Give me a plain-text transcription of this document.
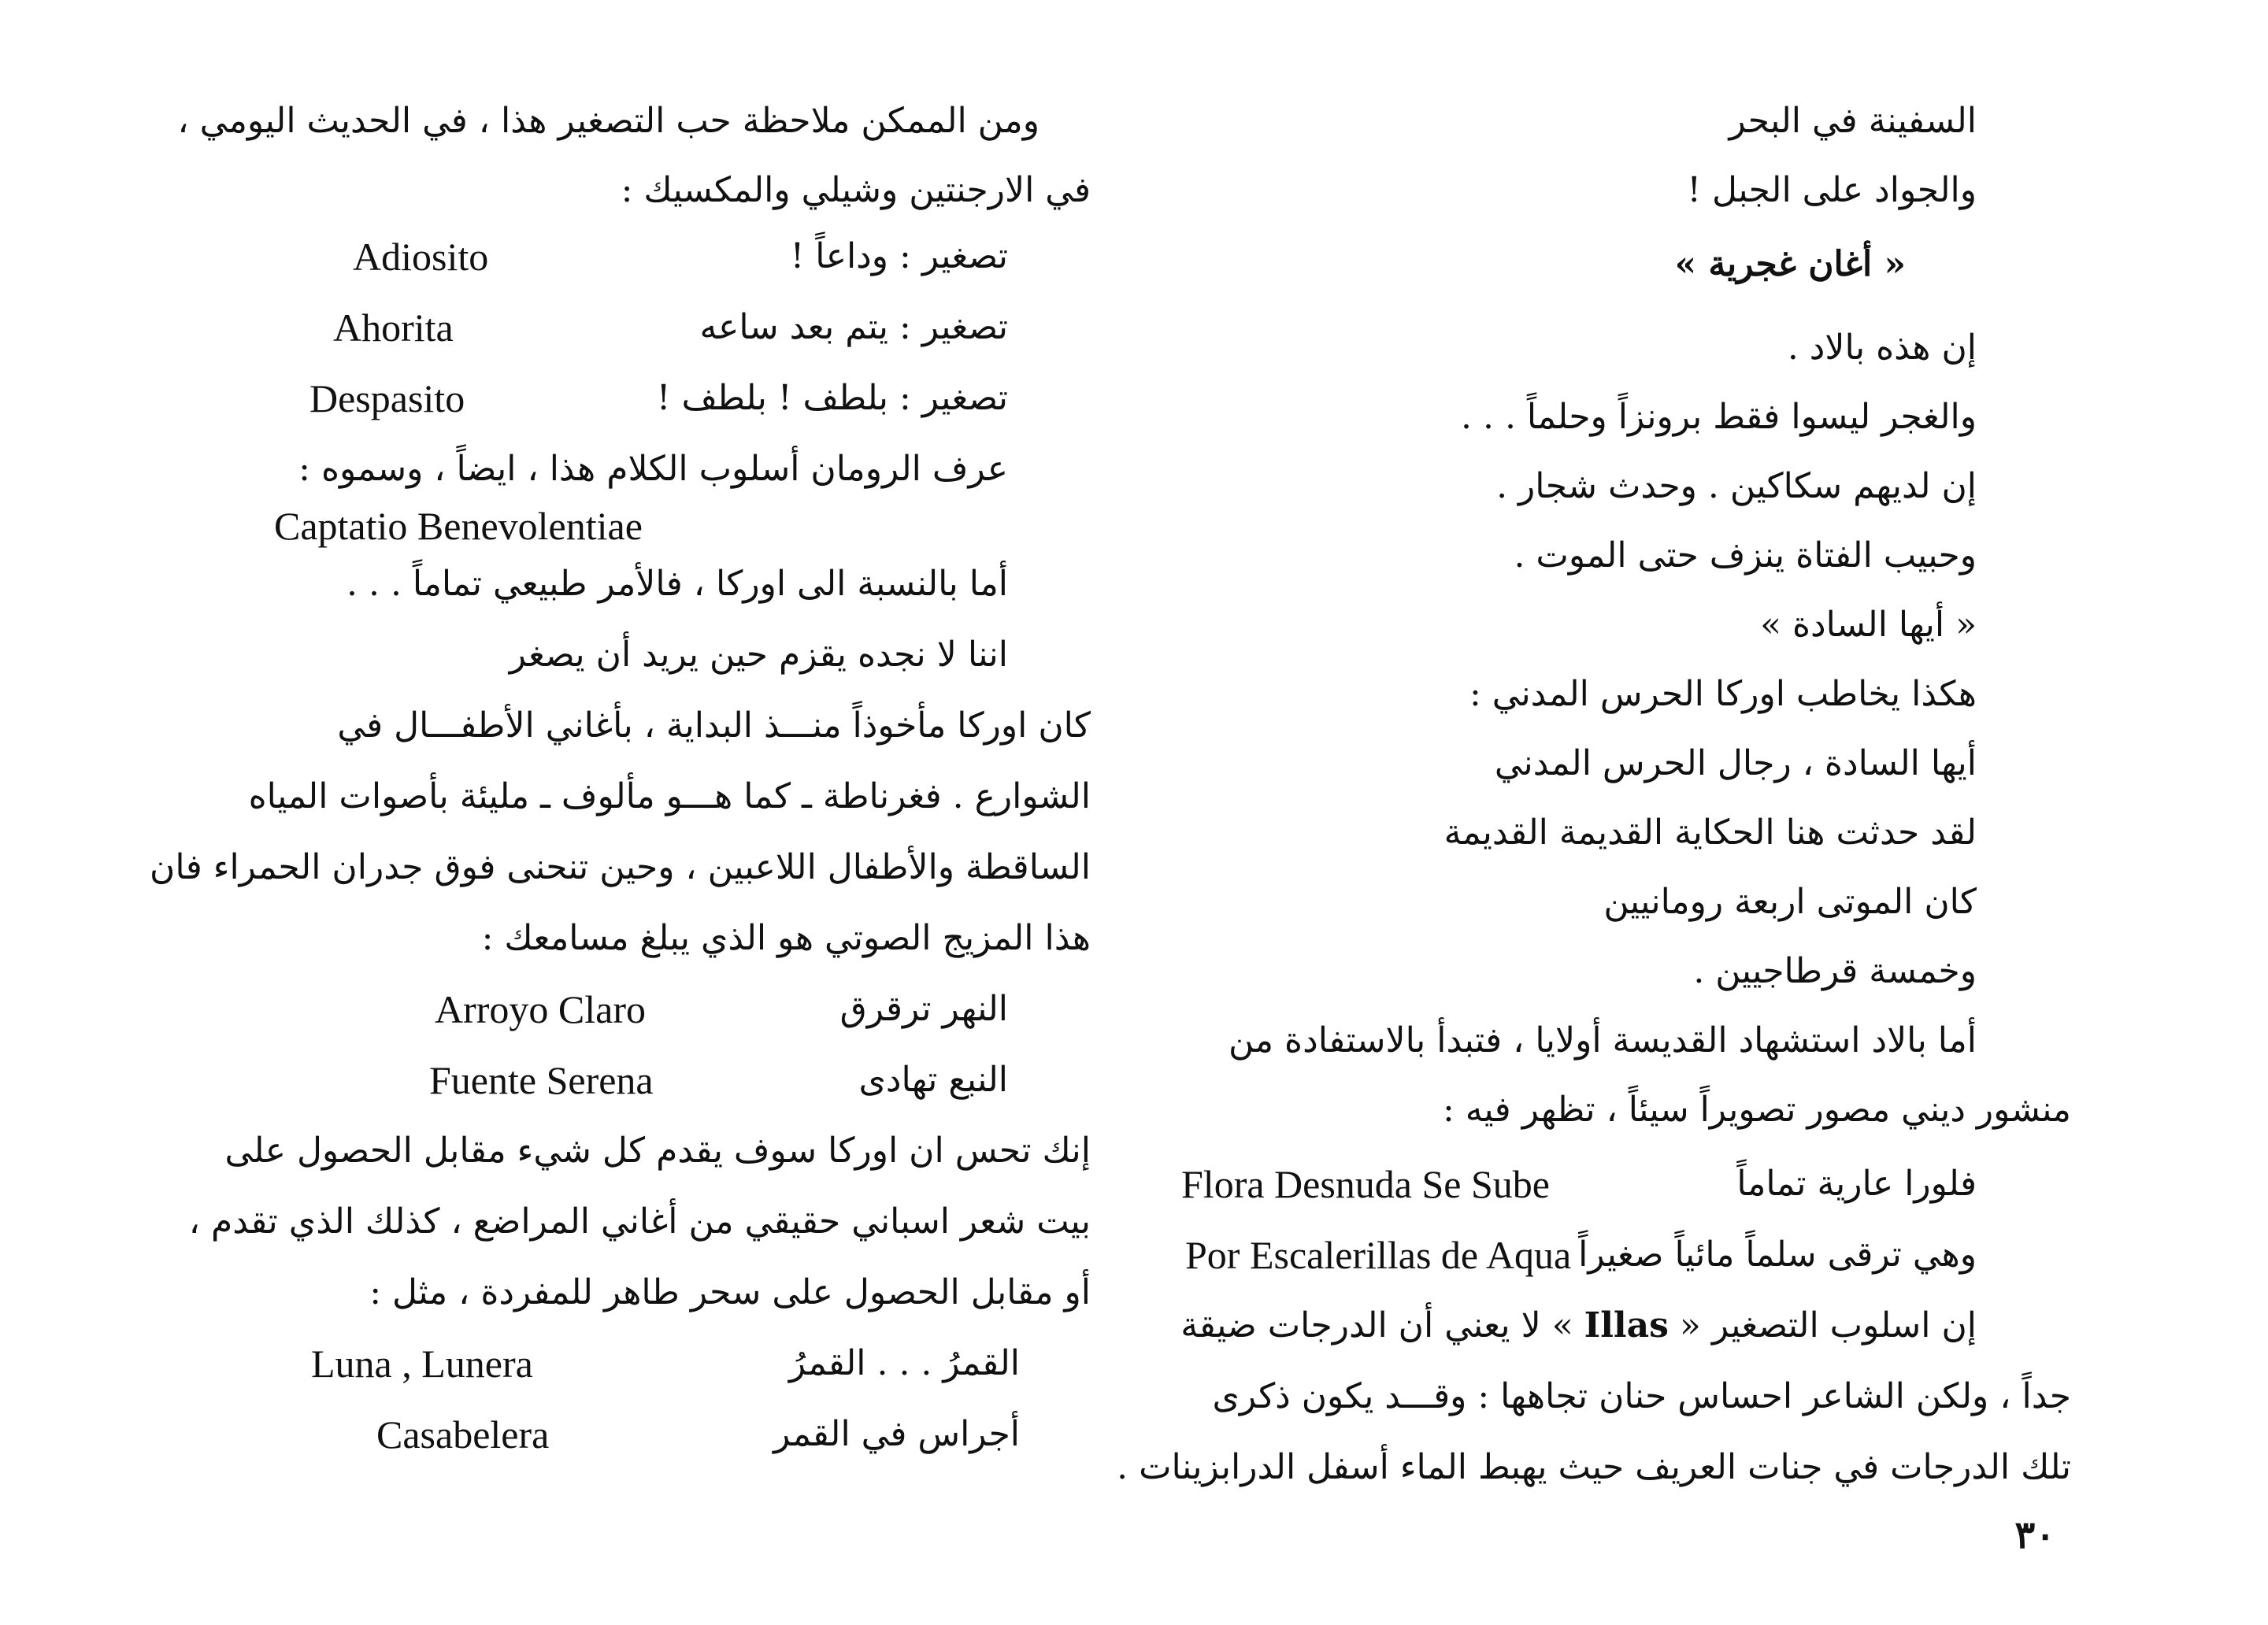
ومن الممكن ملاحظة حب التصغير هذا ، في الحديث اليومي ،
في الارجنتين وشيلي والمكسيك :
تصغير : وداعاً !
Adiosito
تصغير : يتم بعد ساعه
Ahorita
تصغير : بلطف ! بلطف !
Despasito
عرف الرومان أسلوب الكلام هذا ، ايضاً ، وسموه :
Captatio Benevolentiae
أما بالنسبة الى اوركا ، فالأمر طبيعي تماماً . . .
اننا لا نجده يقزم حين يريد أن يصغر
كان اوركا مأخوذاً منـــذ البداية ، بأغاني الأطفـــال في
الشوارع . فغرناطة ـ كما هـــو مألوف ـ مليئة بأصوات المياه
الساقطة والأطفال اللاعبين ، وحين تنحنى فوق جدران الحمراء فان
هذا المزيج الصوتي هو الذي يبلغ مسامعك :
النهر ترقرق
Arroyo Claro
النبع تهادى
Fuente Serena
إنك تحس ان اوركا سوف يقدم كل شيء مقابل الحصول على
بيت شعر اسباني حقيقي من أغاني المراضع ، كذلك الذي تقدم ،
أو مقابل الحصول على سحر طاهر للمفردة ، مثل :
القمرُ . . . القمرُ
Luna , Lunera
أجراس في القمر
Casabelera
السفينة في البحر
والجواد على الجبل !
« أغان غجرية »
إن هذه بالاد .
والغجر ليسوا فقط برونزاً وحلماً . . .
إن لديهم سكاكين . وحدث شجار .
وحبيب الفتاة ينزف حتى الموت .
« أيها السادة »
هكذا يخاطب اوركا الحرس المدني :
أيها السادة ، رجال الحرس المدني
لقد حدثت هنا الحكاية القديمة القديمة
كان الموتى اربعة رومانيين
وخمسة قرطاجيين .
أما بالاد استشهاد القديسة أولايا ، فتبدأ بالاستفادة من
منشور ديني مصور تصويراً سيئاً ، تظهر فيه :
فلورا عارية تماماً
Flora Desnuda Se Sube
وهي ترقى سلماً مائياً صغيراً
Por Escalerillas de Aqua
إن اسلوب التصغير « Illas » لا يعني أن الدرجات ضيقة
جداً ، ولكن الشاعر احساس حنان تجاهها : وقـــد يكون ذكرى
تلك الدرجات في جنات العريف حيث يهبط الماء أسفل الدرابزينات .
٣٠
